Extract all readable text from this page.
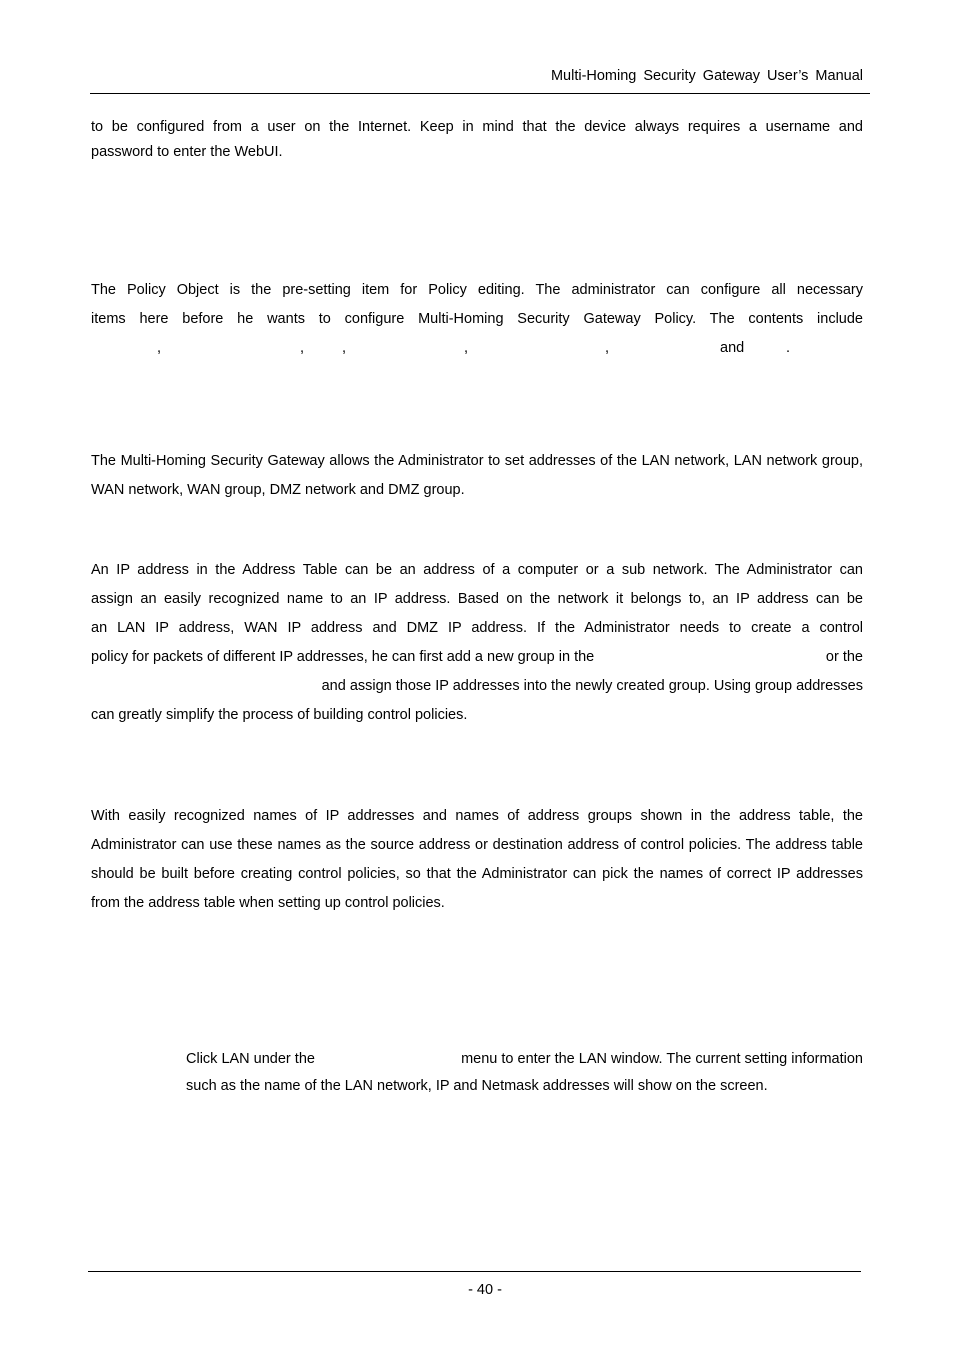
Multi-Homing Security Gateway User’s Manual
to be configured from a user on the Internet. Keep in mind that the device always requires a username and
password to enter the WebUI.
The Policy Object is the pre-setting item for Policy editing. The administrator can configure all necessary
items here before he wants to configure Multi-Homing Security Gateway Policy. The contents include
,	,	,	,	,	and	.

The Multi-Homing Security Gateway allows the Administrator to set addresses of the LAN network, LAN network group, WAN network, WAN group, DMZ network and DMZ group.

An IP address in the Address Table can be an address of a computer or a sub network. The Administrator can
assign an easily recognized name to an IP address. Based on the network it belongs to, an IP address can be
an LAN IP address, WAN IP address and DMZ IP address. If the Administrator needs to create a control
policy for packets of different IP addresses, he can first add a new group in the	or the
and assign those IP addresses into the newly created group. Using group addresses
can greatly simplify the process of building control policies.

With easily recognized names of IP addresses and names of address groups shown in the address table, the Administrator can use these names as the source address or destination address of control policies. The address table should be built before creating control policies, so that the Administrator can pick the names of correct IP addresses from the address table when setting up control policies.

Click LAN under the	menu to enter the LAN window. The current setting information
such as the name of the LAN network, IP and Netmask addresses will show on the screen.
- 40 -
